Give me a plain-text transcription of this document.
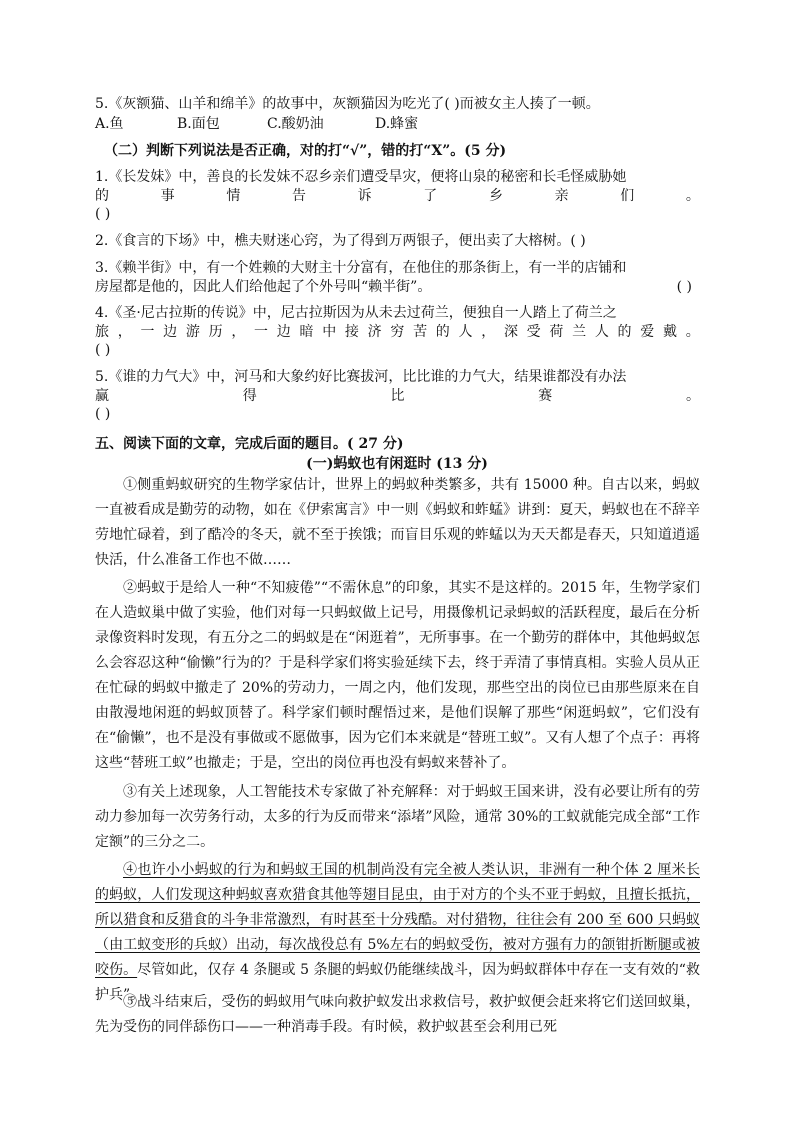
5.《灰额猫、山羊和绵羊》的故事中，灰额猫因为吃光了( )而被女主人揍了一顿。
A.鱼	B.面包	C.酸奶油	D.蜂蜜
（二）判断下列说法是否正确，对的打“√”，错的打“X”。(5 分)
1.《长发妹》中，善良的长发妹不忍乡亲们遭受旱灾，便将山泉的秘密和长毛怪威胁她
的	事	情	告	诉	了	乡	亲	们	。
( )
2.《食言的下场》中，樵夫财迷心窍，为了得到万两银子，便出卖了大榕树。( )
3.《赖半街》中，有一个姓赖的大财主十分富有，在他住的那条街上，有一半的店铺和
房屋都是他的，因此人们给他起了个外号叫“赖半街”。	( )
4.《圣·尼古拉斯的传说》中，尼古拉斯因为从未去过荷兰，便独自一人踏上了荷兰之
旅 ， 一 边 游 历 ， 一 边 暗 中 接 济 穷 苦 的 人 ， 深 受 荷 兰 人 的 爱 戴 。
( )
5.《谁的力气大》中，河马和大象约好比赛拔河，比比谁的力气大，结果谁都没有办法
赢	得	比	赛	。
( )
五、阅读下面的文章，完成后面的题目。( 27 分)
(一)蚂蚁也有闲逛时 (13 分)
①侧重蚂蚁研究的生物学家估计，世界上的蚂蚁种类繁多，共有 15000 种。自古以来，蚂蚁一直被看成是勤劳的动物，如在《伊索寓言》中一则《蚂蚁和蚱蜢》讲到：夏天，蚂蚁也在不辞辛劳地忙碌着，到了酷冷的冬天，就不至于挨饿；而盲目乐观的蚱蜢以为天天都是春天，只知道逍遥快活，什么准备工作也不做……
②蚂蚁于是给人一种“不知疲倦”“不需休息”的印象，其实不是这样的。2015 年，生物学家们在人造蚁巢中做了实验，他们对每一只蚂蚁做上记号，用摄像机记录蚂蚁的活跃程度，最后在分析录像资料时发现，有五分之二的蚂蚁是在“闲逛着”，无所事事。在一个勤劳的群体中，其他蚂蚁怎么会容忍这种“偷懒”行为的？于是科学家们将实验延续下去，终于弄清了事情真相。实验人员从正在忙碌的蚂蚁中撤走了 20%的劳动力，一周之内，他们发现，那些空出的岗位已由那些原来在自由散漫地闲逛的蚂蚁顶替了。科学家们顿时醒悟过来，是他们误解了那些“闲逛蚂蚁”，它们没有在“偷懒”，也不是没有事做或不愿做事，因为它们本来就是“替班工蚁”。又有人想了个点子：再将这些“替班工蚁”也撤走；于是，空出的岗位再也没有蚂蚁来替补了。
③有关上述现象，人工智能技术专家做了补充解释：对于蚂蚁王国来讲，没有必要让所有的劳动力参加每一次劳务行动，太多的行为反而带来“添堵”风险，通常 30%的工蚁就能完成全部“工作定额”的三分之二。
④也许小小蚂蚁的行为和蚂蚁王国的机制尚没有完全被人类认识，非洲有一种个体 2 厘米长的蚂蚁，人们发现这种蚂蚁喜欢猎食其他等翅目昆虫，由于对方的个头不亚于蚂蚁，且擅长抵抗，所以猎食和反猎食的斗争非常激烈，有时甚至十分残酷。对付猎物，往往会有 200 至 600 只蚂蚁（由工蚁变形的兵蚁）出动，每次战役总有 5%左右的蚂蚁受伤，被对方强有力的颌钳折断腿或被咬伤。尽管如此，仅存 4 条腿或 5 条腿的蚂蚁仍能继续战斗，因为蚂蚁群体中存在一支有效的“救护兵”。
⑤战斗结束后，受伤的蚂蚁用气味向救护蚁发出求救信号，救护蚁便会赶来将它们送回蚁巢，先为受伤的同伴舔伤口——一种消毒手段。有时候，救护蚁甚至会利用已死
